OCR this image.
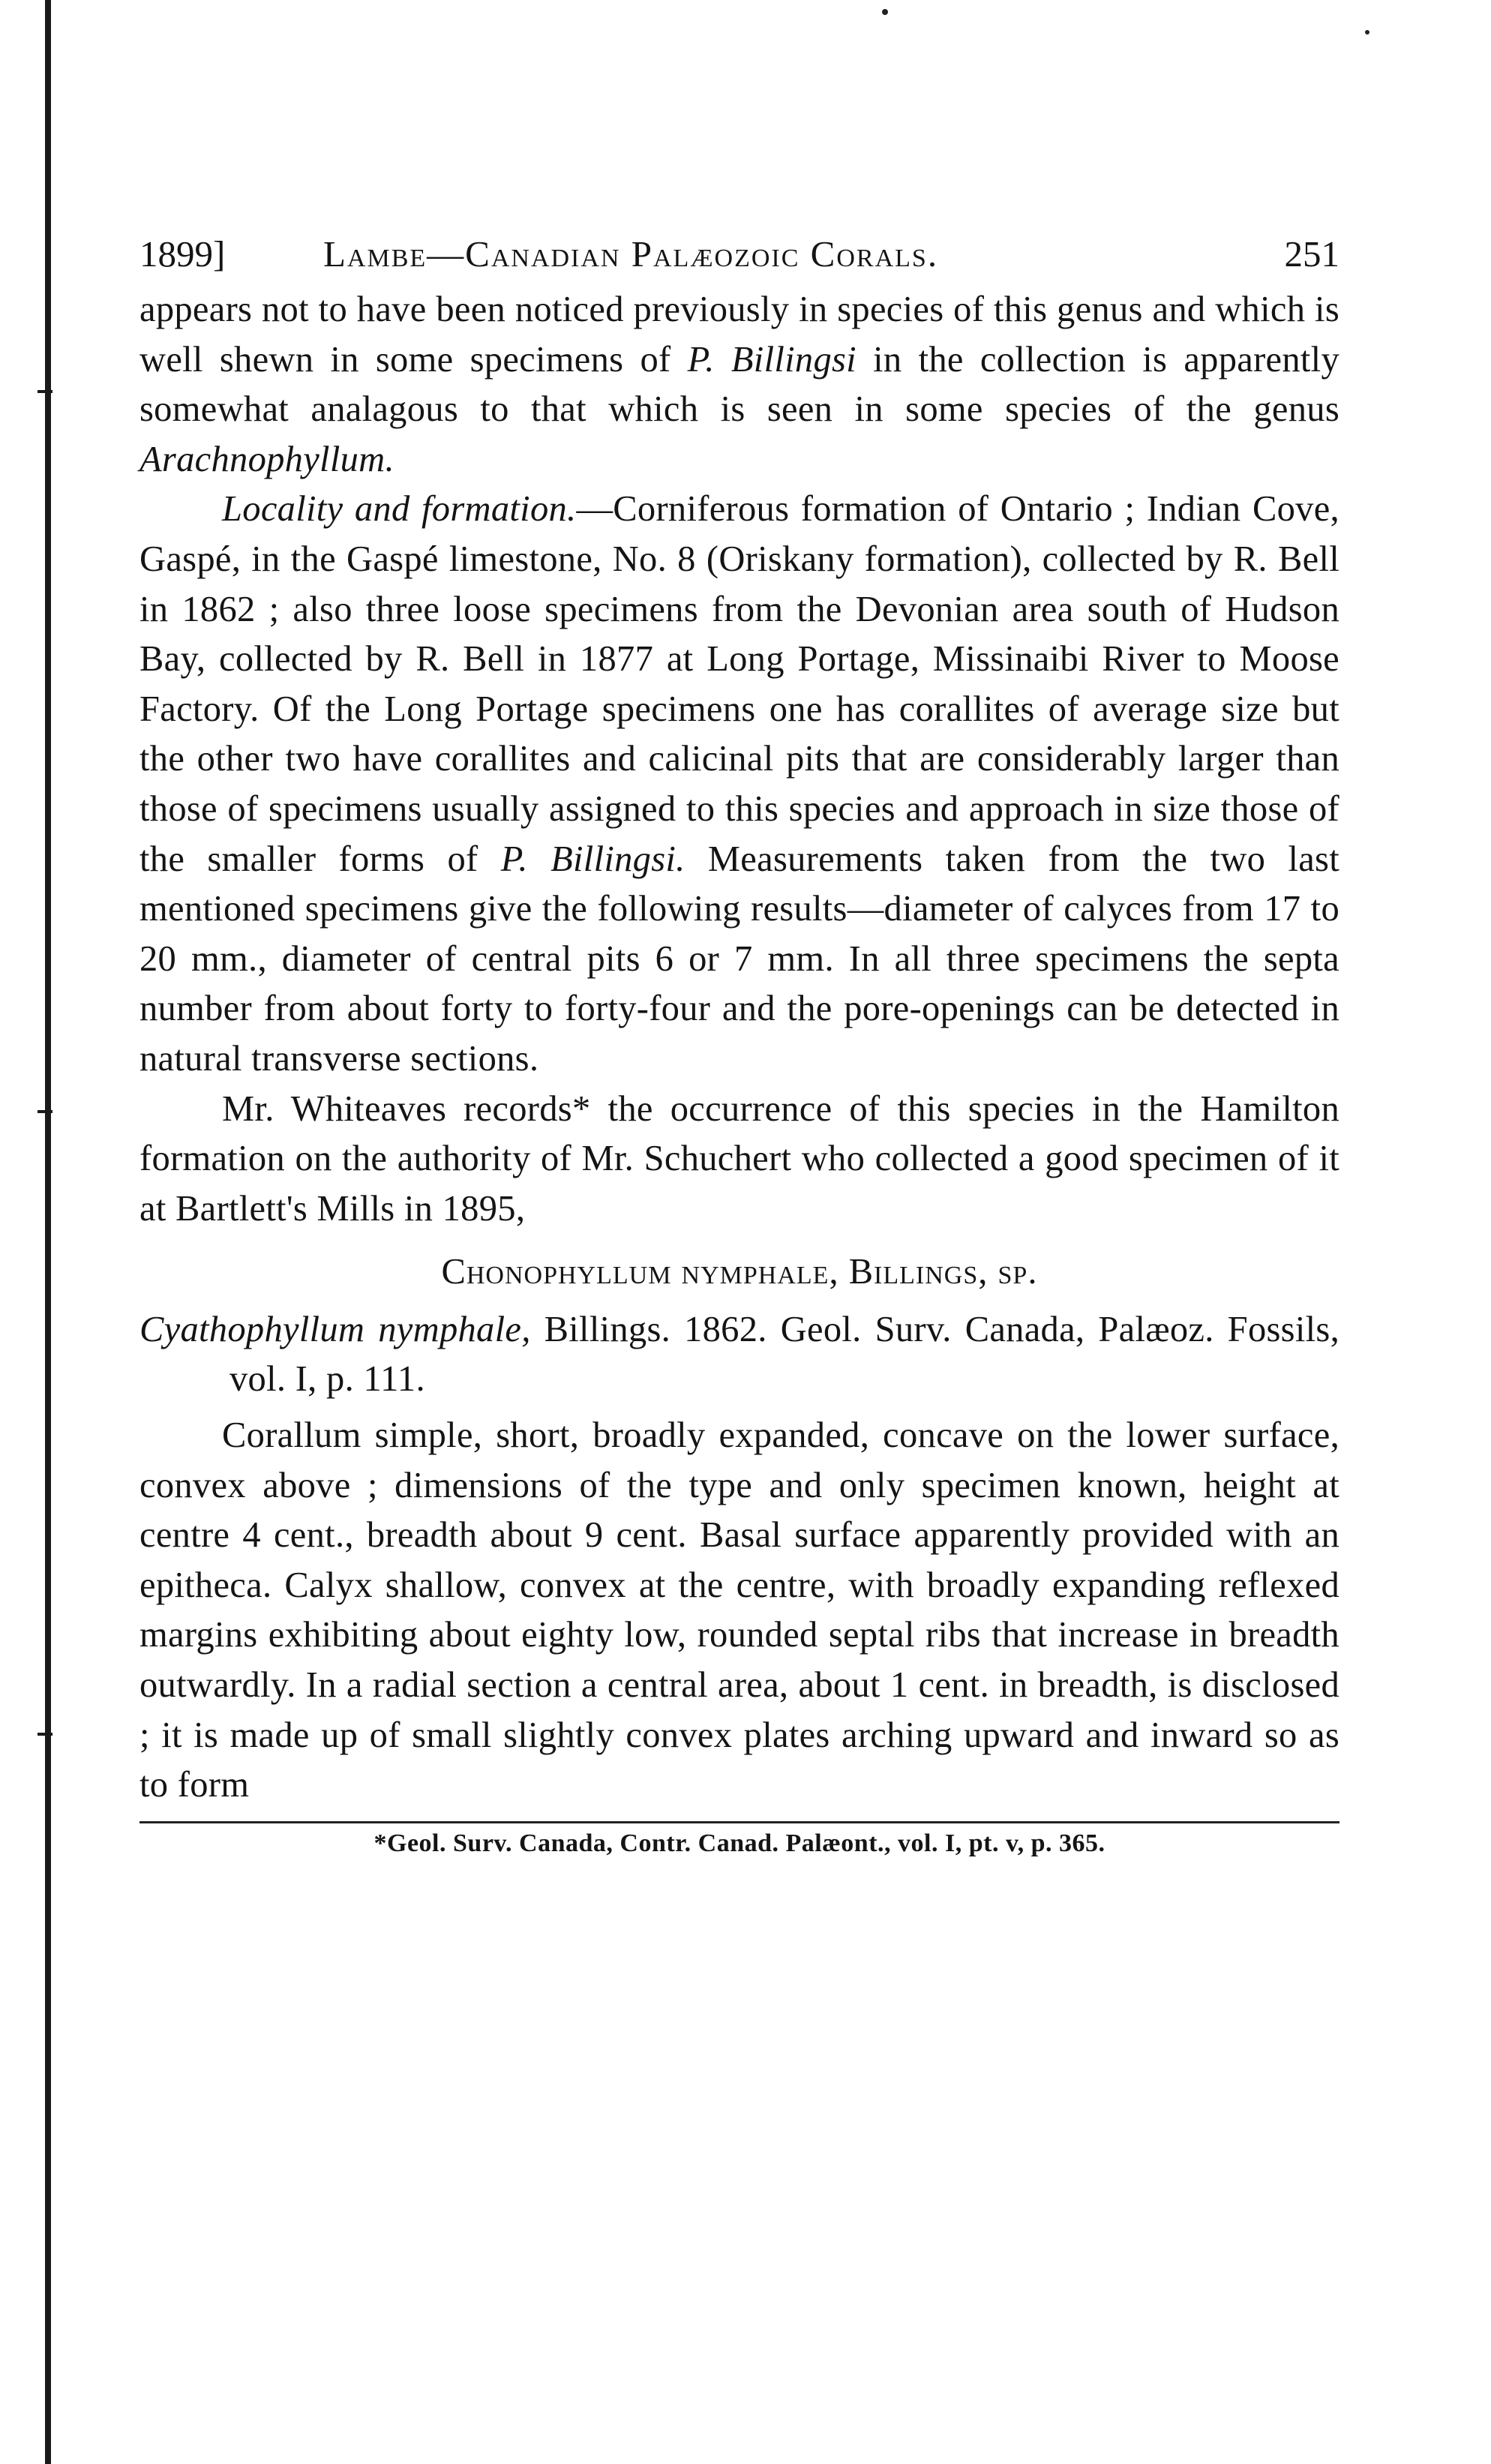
1899]	Lambe—Canadian Palæozoic Corals.	251

appears not to have been noticed previously in species of this genus and which is well shewn in some specimens of P. Billingsi in the collection is apparently somewhat analagous to that which is seen in some species of the genus Arachnophyllum.

Locality and formation.—Corniferous formation of Ontario ; Indian Cove, Gaspé, in the Gaspé limestone, No. 8 (Oriskany formation), collected by R. Bell in 1862 ; also three loose specimens from the Devonian area south of Hudson Bay, collected by R. Bell in 1877 at Long Portage, Missinaibi River to Moose Factory. Of the Long Portage specimens one has corallites of average size but the other two have corallites and calicinal pits that are considerably larger than those of specimens usually assigned to this species and approach in size those of the smaller forms of P. Billingsi. Measurements taken from the two last mentioned specimens give the following results—diameter of calyces from 17 to 20 mm., diameter of central pits 6 or 7 mm. In all three specimens the septa number from about forty to forty-four and the pore-openings can be detected in natural transverse sections.

Mr. Whiteaves records* the occurrence of this species in the Hamilton formation on the authority of Mr. Schuchert who collected a good specimen of it at Bartlett's Mills in 1895,

Chonophyllum nymphale, Billings, sp.

Cyathophyllum nymphale, Billings. 1862. Geol. Surv. Canada, Palæoz. Fossils, vol. I, p. 111.

Corallum simple, short, broadly expanded, concave on the lower surface, convex above ; dimensions of the type and only specimen known, height at centre 4 cent., breadth about 9 cent. Basal surface apparently provided with an epitheca. Calyx shallow, convex at the centre, with broadly expanding reflexed margins exhibiting about eighty low, rounded septal ribs that increase in breadth outwardly. In a radial section a central area, about 1 cent. in breadth, is disclosed ; it is made up of small slightly convex plates arching upward and inward so as to form

*Geol. Surv. Canada, Contr. Canad. Palæont., vol. I, pt. v, p. 365.
